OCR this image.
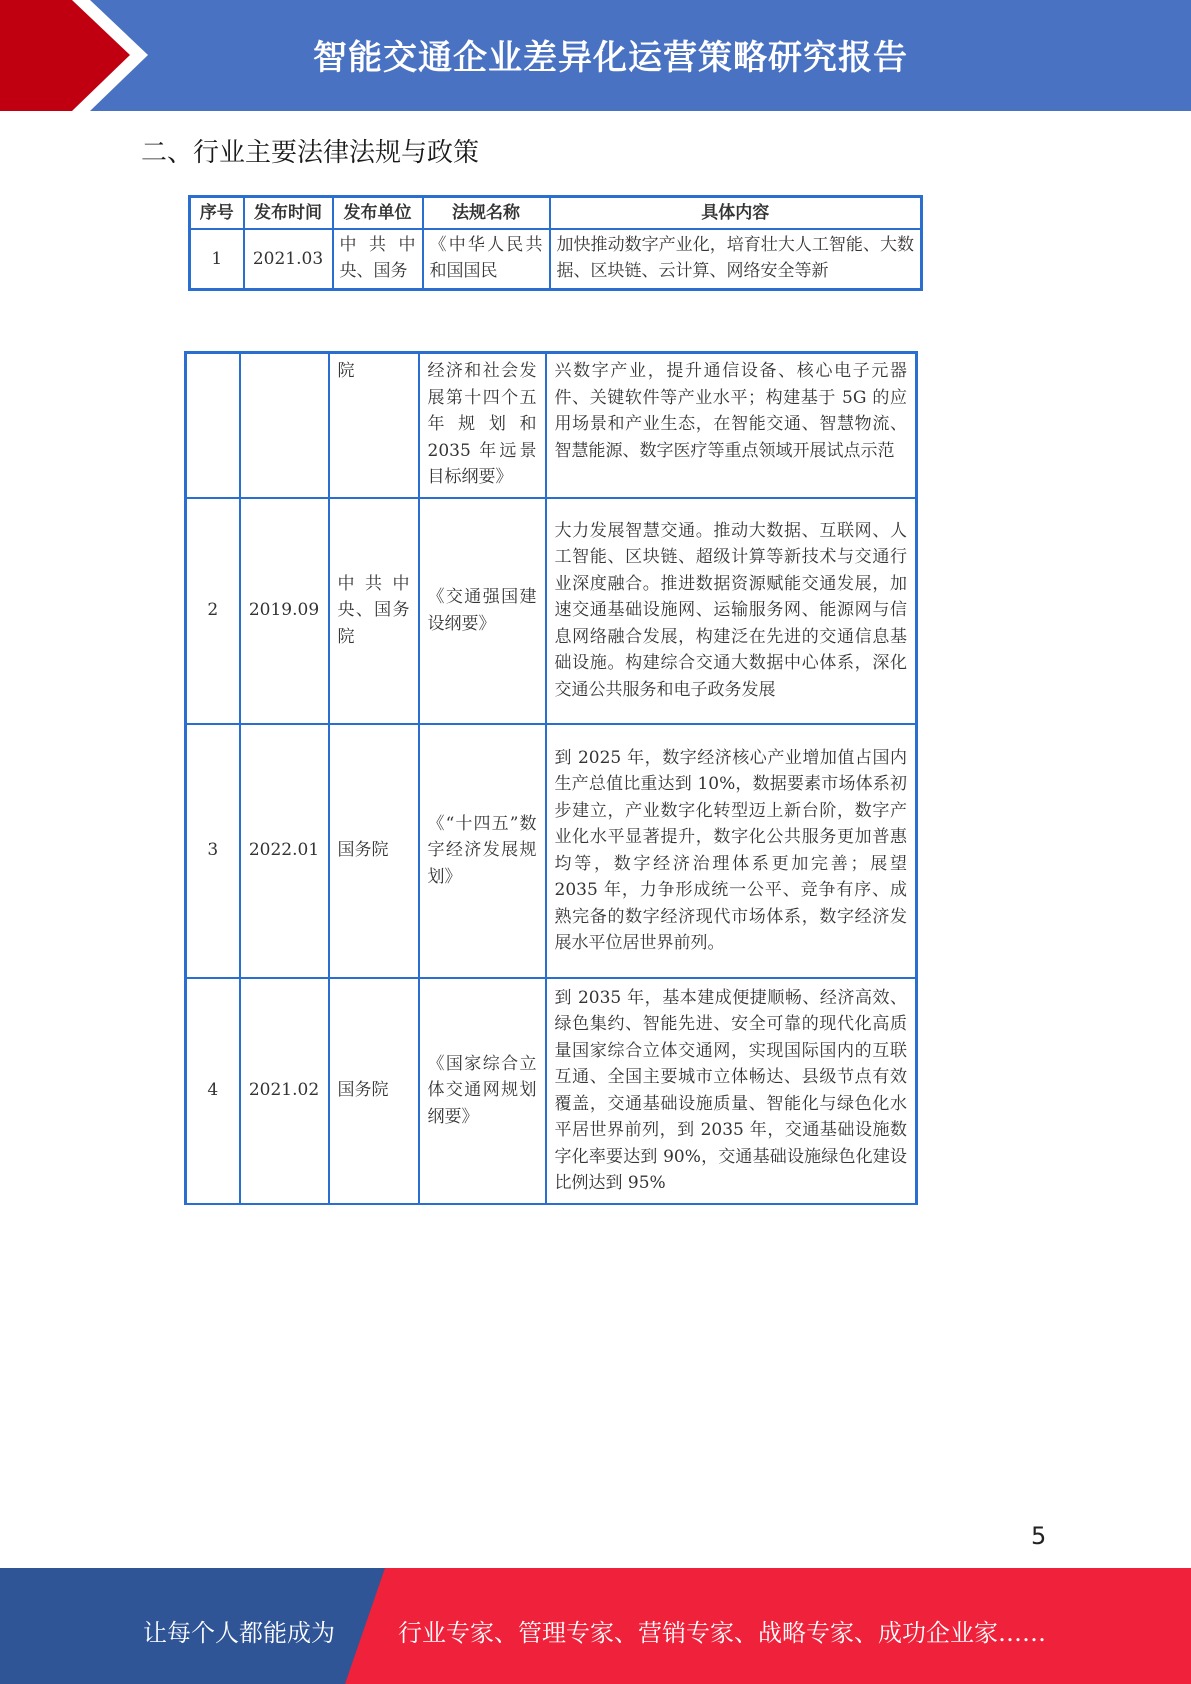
智能交通企业差异化运营策略研究报告
二、行业主要法律法规与政策
序号	发布时间	发布单位	法规名称	具体内容
1	2021.03	中共中央、国务	《中华人民共和国国民	加快推动数字产业化，培育壮大人工智能、大数据、区块链、云计算、网络安全等新
		院	经济和社会发展第十四个五年规划和 2035 年远景目标纲要》	兴数字产业，提升通信设备、核心电子元器件、关键软件等产业水平；构建基于 5G 的应用场景和产业生态，在智能交通、智慧物流、智慧能源、数字医疗等重点领域开展试点示范
2	2019.09	中共中央、国务院	《交通强国建设纲要》	大力发展智慧交通。推动大数据、互联网、人工智能、区块链、超级计算等新技术与交通行业深度融合。推进数据资源赋能交通发展，加速交通基础设施网、运输服务网、能源网与信息网络融合发展，构建泛在先进的交通信息基础设施。构建综合交通大数据中心体系，深化交通公共服务和电子政务发展
3	2022.01	国务院	《“十四五”数字经济发展规划》	到 2025 年，数字经济核心产业增加值占国内生产总值比重达到 10%，数据要素市场体系初步建立，产业数字化转型迈上新台阶，数字产业化水平显著提升，数字化公共服务更加普惠均等，数字经济治理体系更加完善；展望 2035 年，力争形成统一公平、竞争有序、成熟完备的数字经济现代市场体系，数字经济发展水平位居世界前列。
4	2021.02	国务院	《国家综合立体交通网规划纲要》	到 2035 年，基本建成便捷顺畅、经济高效、绿色集约、智能先进、安全可靠的现代化高质量国家综合立体交通网，实现国际国内的互联互通、全国主要城市立体畅达、县级节点有效覆盖，交通基础设施质量、智能化与绿色化水平居世界前列，到 2035 年，交通基础设施数字化率要达到 90%，交通基础设施绿色化建设比例达到 95%
5
让每个人都能成为	行业专家、管理专家、营销专家、战略专家、成功企业家……
